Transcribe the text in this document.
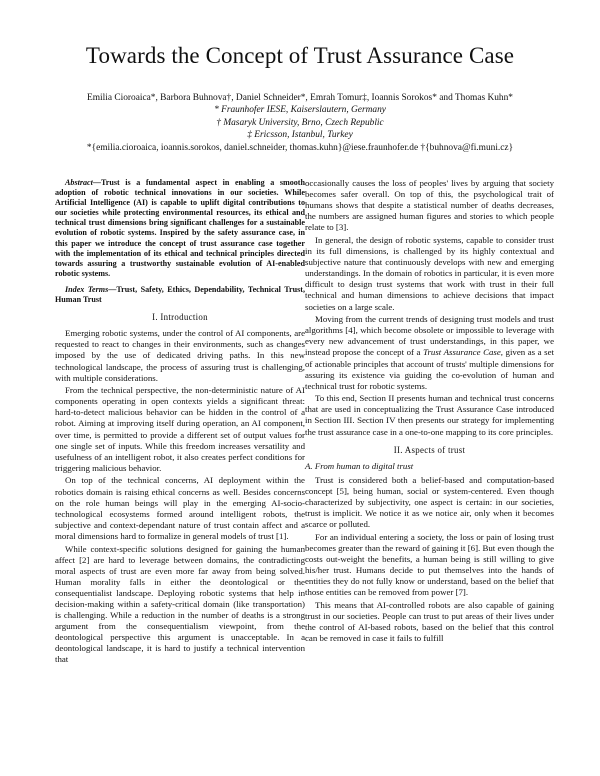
Towards the Concept of Trust Assurance Case
Emilia Cioroaica*, Barbora Buhnova†, Daniel Schneider*, Emrah Tomur‡, Ioannis Sorokos* and Thomas Kuhn*
* Fraunhofer IESE, Kaiserslautern, Germany
† Masaryk University, Brno, Czech Republic
‡ Ericsson, Istanbul, Turkey
*{emilia.cioroaica, ioannis.sorokos, daniel.schneider, thomas.kuhn}@iese.fraunhofer.de †{buhnova@fi.muni.cz}

Abstract—Trust is a fundamental aspect in enabling a smooth adoption of robotic technical innovations in our societies. While Artificial Intelligence (AI) is capable to uplift digital contributions to our societies while protecting environmental resources, its ethical and technical trust dimensions bring significant challenges for a sustainable evolution of robotic systems. Inspired by the safety assurance case, in this paper we introduce the concept of trust assurance case together with the implementation of its ethical and technical principles directed towards assuring a trustworthy sustainable evolution of AI-enabled robotic systems.

Index Terms—Trust, Safety, Ethics, Dependability, Technical Trust, Human Trust

I. Introduction

Emerging robotic systems, under the control of AI components, are requested to react to changes in their environments, such as changes imposed by the use of dedicated driving paths. In this new technological landscape, the process of assuring trust is challenging, with multiple considerations.

From the technical perspective, the non-deterministic nature of AI components operating in open contexts yields a significant threat: hard-to-detect malicious behavior can be hidden in the control of a robot. Aiming at improving itself during operation, an AI component, over time, is permitted to provide a different set of output values for one single set of inputs. While this freedom increases versatility and usefulness of an intelligent robot, it also creates perfect conditions for triggering malicious behavior.

On top of the technical concerns, AI deployment within the robotics domain is raising ethical concerns as well. Besides concerns on the role human beings will play in the emerging AI-socio-technological ecosystems formed around intelligent robots, the subjective and context-dependant nature of trust contain affect and a moral dimensions hard to formalize in general models of trust [1].

While context-specific solutions designed for gaining the human affect [2] are hard to leverage between domains, the contradicting moral aspects of trust are even more far away from being solved. Human morality falls in either the deontological or the consequentialist landscape. Deploying robotic systems that help in decision-making within a safety-critical domain (like transportation) is challenging. While a reduction in the number of deaths is a strong argument from the consequentialism viewpoint, from the deontological perspective this argument is unacceptable. In a deontological landscape, it is hard to justify a technical intervention that

occasionally causes the loss of peoples' lives by arguing that society becomes safer overall. On top of this, the psychological trait of humans shows that despite a statistical number of deaths decreases, the numbers are assigned human figures and stories to which people relate to [3].

In general, the design of robotic systems, capable to consider trust in its full dimensions, is challenged by its highly contextual and subjective nature that continuously develops with new and emerging understandings. In the domain of robotics in particular, it is even more difficult to design trust systems that work with trust in their full technical and human dimensions to achieve decisions that impact societies on a large scale.

Moving from the current trends of designing trust models and trust algorithms [4], which become obsolete or impossible to leverage with every new advancement of trust understandings, in this paper, we instead propose the concept of a Trust Assurance Case, given as a set of actionable principles that account of trusts' multiple dimensions for assuring its existence via guiding the co-evolution of human and technical trust for robotic systems.

To this end, Section II presents human and technical trust concerns that are used in conceptualizing the Trust Assurance Case introduced in Section III. Section IV then presents our strategy for implementing the trust assurance case in a one-to-one mapping to its core principles.

II. Aspects of trust
A. From human to digital trust

Trust is considered both a belief-based and computation-based concept [5], being human, social or system-centered. Even though characterized by subjectivity, one aspect is certain: in our societies, trust is implicit. We notice it as we notice air, only when it becomes scarce or polluted.

For an individual entering a society, the loss or pain of losing trust becomes greater than the reward of gaining it [6]. But even though the costs out-weight the benefits, a human being is still willing to give his/her trust. Humans decide to put themselves into the hands of entities they do not fully know or understand, based on the belief that those entities can be removed from power [7].

This means that AI-controlled robots are also capable of gaining trust in our societies. People can trust to put areas of their lives under the control of AI-based robots, based on the belief that this control can be removed in case it fails to fulfill
